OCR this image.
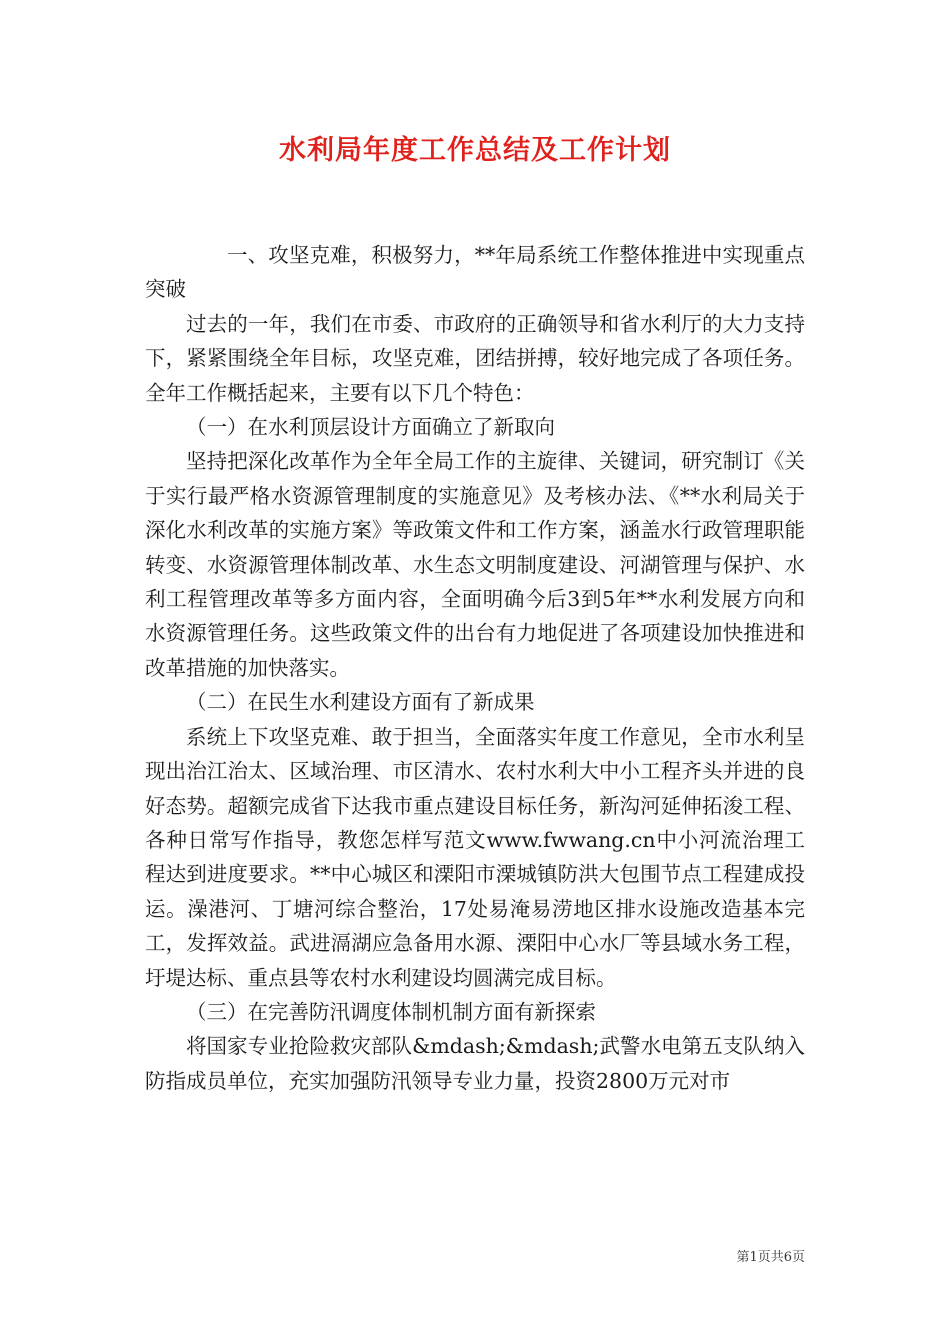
水利局年度工作总结及工作计划

一、攻坚克难，积极努力，**年局系统工作整体推进中实现重点突破

过去的一年，我们在市委、市政府的正确领导和省水利厅的大力支持下，紧紧围绕全年目标，攻坚克难，团结拼搏，较好地完成了各项任务。全年工作概括起来，主要有以下几个特色：

（一）在水利顶层设计方面确立了新取向

坚持把深化改革作为全年全局工作的主旋律、关键词，研究制订《关于实行最严格水资源管理制度的实施意见》及考核办法、《**水利局关于深化水利改革的实施方案》等政策文件和工作方案，涵盖水行政管理职能转变、水资源管理体制改革、水生态文明制度建设、河湖管理与保护、水利工程管理改革等多方面内容，全面明确今后3到5年**水利发展方向和水资源管理任务。这些政策文件的出台有力地促进了各项建设加快推进和改革措施的加快落实。

（二）在民生水利建设方面有了新成果

系统上下攻坚克难、敢于担当，全面落实年度工作意见，全市水利呈现出治江治太、区域治理、市区清水、农村水利大中小工程齐头并进的良好态势。超额完成省下达我市重点建设目标任务，新沟河延伸拓浚工程、各种日常写作指导，教您怎样写范文www.fwwang.cn中小河流治理工程达到进度要求。**中心城区和溧阳市溧城镇防洪大包围节点工程建成投运。澡港河、丁塘河综合整治，17处易淹易涝地区排水设施改造基本完工，发挥效益。武进滆湖应急备用水源、溧阳中心水厂等县域水务工程，圩堤达标、重点县等农村水利建设均圆满完成目标。

（三）在完善防汛调度体制机制方面有新探索

将国家专业抢险救灾部队&mdash;&mdash;武警水电第五支队纳入防指成员单位，充实加强防汛领导专业力量，投资2800万元对市

第1页共6页
